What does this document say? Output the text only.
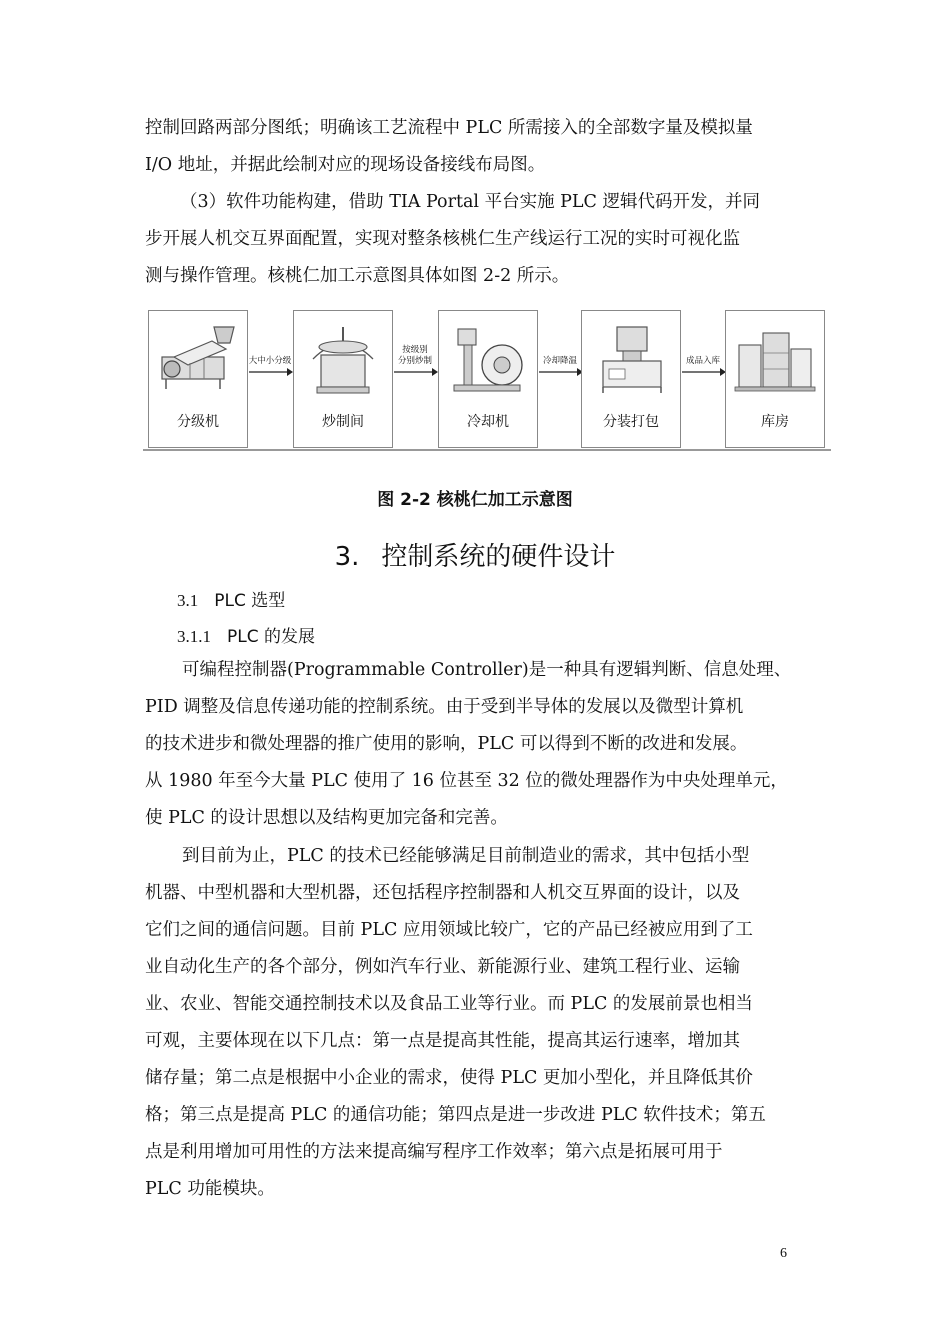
控制回路两部分图纸；明确该工艺流程中 PLC 所需接入的全部数字量及模拟量
I/O 地址，并据此绘制对应的现场设备接线布局图。
（3）软件功能构建，借助 TIA Portal 平台实施 PLC 逻辑代码开发，并同
步开展人机交互界面配置，实现对整条核桃仁生产线运行工况的实时可视化监
测与操作管理。核桃仁加工示意图具体如图 2-2 所示。
分级机
大中小分级
炒制间
按级别
分别炒制
冷却机
冷却降温
分装打包
成品入库
库房
图 2-2 核桃仁加工示意图
3. 控制系统的硬件设计
3.1 PLC 选型
3.1.1 PLC 的发展
可编程控制器(Programmable Controller)是一种具有逻辑判断、信息处理、
PID 调整及信息传递功能的控制系统。由于受到半导体的发展以及微型计算机
的技术进步和微处理器的推广使用的影响，PLC 可以得到不断的改进和发展。
从 1980 年至今大量 PLC 使用了 16 位甚至 32 位的微处理器作为中央处理单元，
使 PLC 的设计思想以及结构更加完备和完善。
到目前为止，PLC 的技术已经能够满足目前制造业的需求，其中包括小型
机器、中型机器和大型机器，还包括程序控制器和人机交互界面的设计，以及
它们之间的通信问题。目前 PLC 应用领域比较广，它的产品已经被应用到了工
业自动化生产的各个部分，例如汽车行业、新能源行业、建筑工程行业、运输
业、农业、智能交通控制技术以及食品工业等行业。而 PLC 的发展前景也相当
可观，主要体现在以下几点：第一点是提高其性能，提高其运行速率，增加其
储存量；第二点是根据中小企业的需求，使得 PLC 更加小型化，并且降低其价
格；第三点是提高 PLC 的通信功能；第四点是进一步改进 PLC 软件技术；第五
点是利用增加可用性的方法来提高编写程序工作效率；第六点是拓展可用于
PLC 功能模块。
6
